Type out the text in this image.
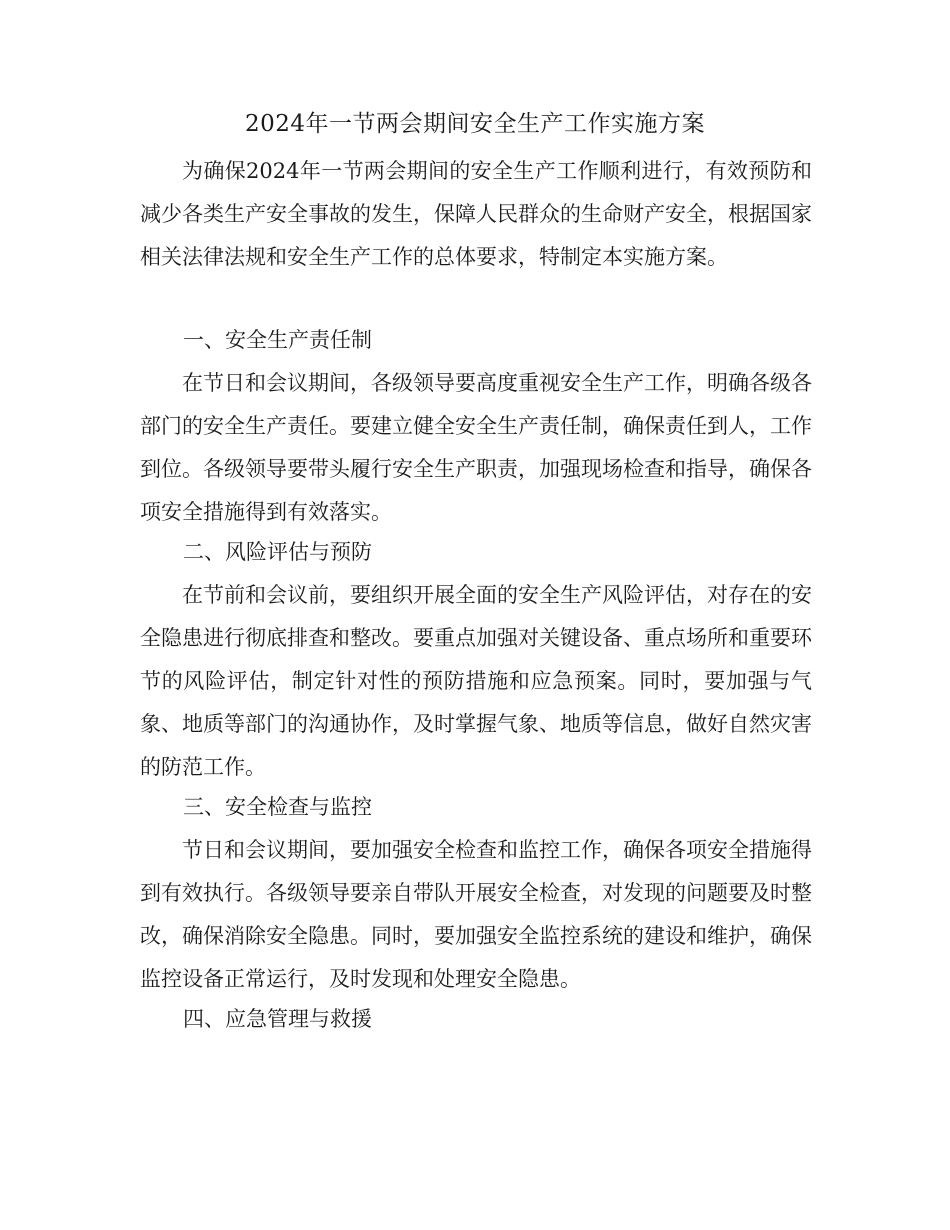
2024年一节两会期间安全生产工作实施方案

为确保2024年一节两会期间的安全生产工作顺利进行，有效预防和减少各类生产安全事故的发生，保障人民群众的生命财产安全，根据国家相关法律法规和安全生产工作的总体要求，特制定本实施方案。

一、安全生产责任制

在节日和会议期间，各级领导要高度重视安全生产工作，明确各级各部门的安全生产责任。要建立健全安全生产责任制，确保责任到人，工作到位。各级领导要带头履行安全生产职责，加强现场检查和指导，确保各项安全措施得到有效落实。

二、风险评估与预防

在节前和会议前，要组织开展全面的安全生产风险评估，对存在的安全隐患进行彻底排查和整改。要重点加强对关键设备、重点场所和重要环节的风险评估，制定针对性的预防措施和应急预案。同时，要加强与气象、地质等部门的沟通协作，及时掌握气象、地质等信息，做好自然灾害的防范工作。

三、安全检查与监控

节日和会议期间，要加强安全检查和监控工作，确保各项安全措施得到有效执行。各级领导要亲自带队开展安全检查，对发现的问题要及时整改，确保消除安全隐患。同时，要加强安全监控系统的建设和维护，确保监控设备正常运行，及时发现和处理安全隐患。

四、应急管理与救援
